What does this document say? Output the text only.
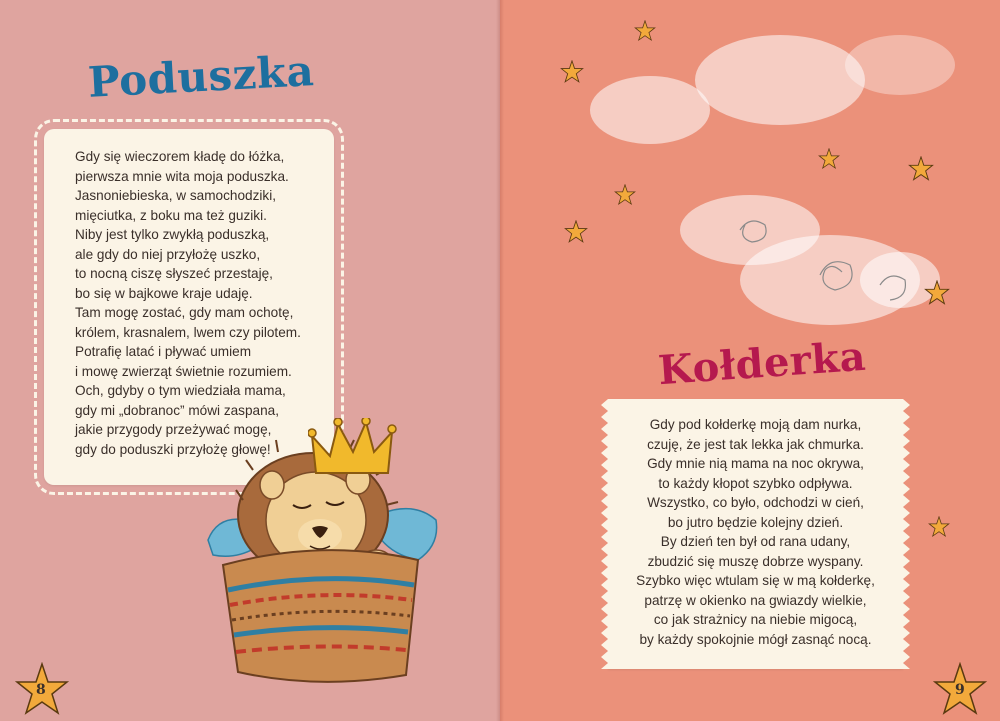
Poduszka
Gdy się wieczorem kładę do łóżka,
pierwsza mnie wita moja poduszka.
Jasnoniebieska, w samochodziki,
mięciutka, z boku ma też guziki.
Niby jest tylko zwykłą poduszką,
ale gdy do niej przyłożę uszko,
to nocną ciszę słyszeć przestaję,
bo się w bajkowe kraje udaję.
Tam mogę zostać, gdy mam ochotę,
królem, krasnalem, lwem czy pilotem.
Potrafię latać i pływać umiem
i mowę zwierząt świetnie rozumiem.
Och, gdyby o tym wiedziała mama,
gdy mi „dobranoc” mówi zaspana,
jakie przygody przeżywać mogę,
gdy do poduszki przyłożę głowę!
8
Kołderka
Gdy pod kołderkę moją dam nurka,
czuję, że jest tak lekka jak chmurka.
Gdy mnie nią mama na noc okrywa,
to każdy kłopot szybko odpływa.
Wszystko, co było, odchodzi w cień,
bo jutro będzie kolejny dzień.
By dzień ten był od rana udany,
zbudzić się muszę dobrze wyspany.
Szybko więc wtulam się w mą kołderkę,
patrzę w okienko na gwiazdy wielkie,
co jak strażnicy na niebie migocą,
by każdy spokojnie mógł zasnąć nocą.
9
